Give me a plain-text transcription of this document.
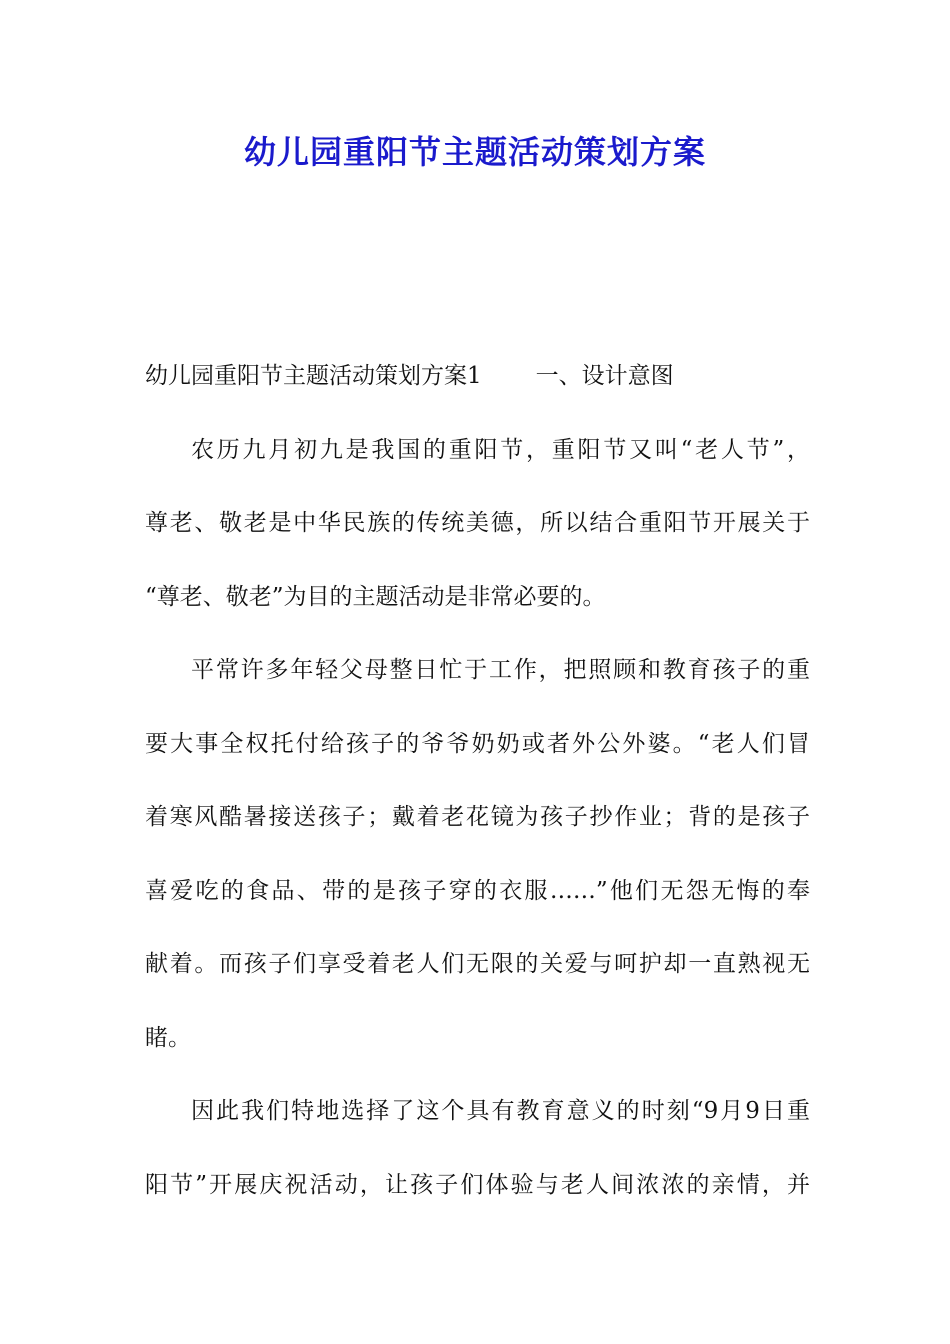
幼儿园重阳节主题活动策划方案
幼儿园重阳节主题活动策划方案1 一、设计意图
农历九月初九是我国的重阳节，重阳节又叫“老人节”，
尊老、敬老是中华民族的传统美德，所以结合重阳节开展关于
“尊老、敬老”为目的主题活动是非常必要的。
平常许多年轻父母整日忙于工作，把照顾和教育孩子的重
要大事全权托付给孩子的爷爷奶奶或者外公外婆。“老人们冒
着寒风酷暑接送孩子；戴着老花镜为孩子抄作业；背的是孩子
喜爱吃的食品、带的是孩子穿的衣服……”他们无怨无悔的奉
献着。而孩子们享受着老人们无限的关爱与呵护却一直熟视无
睹。
因此我们特地选择了这个具有教育意义的时刻“9月9日重
阳节”开展庆祝活动，让孩子们体验与老人间浓浓的亲情，并
